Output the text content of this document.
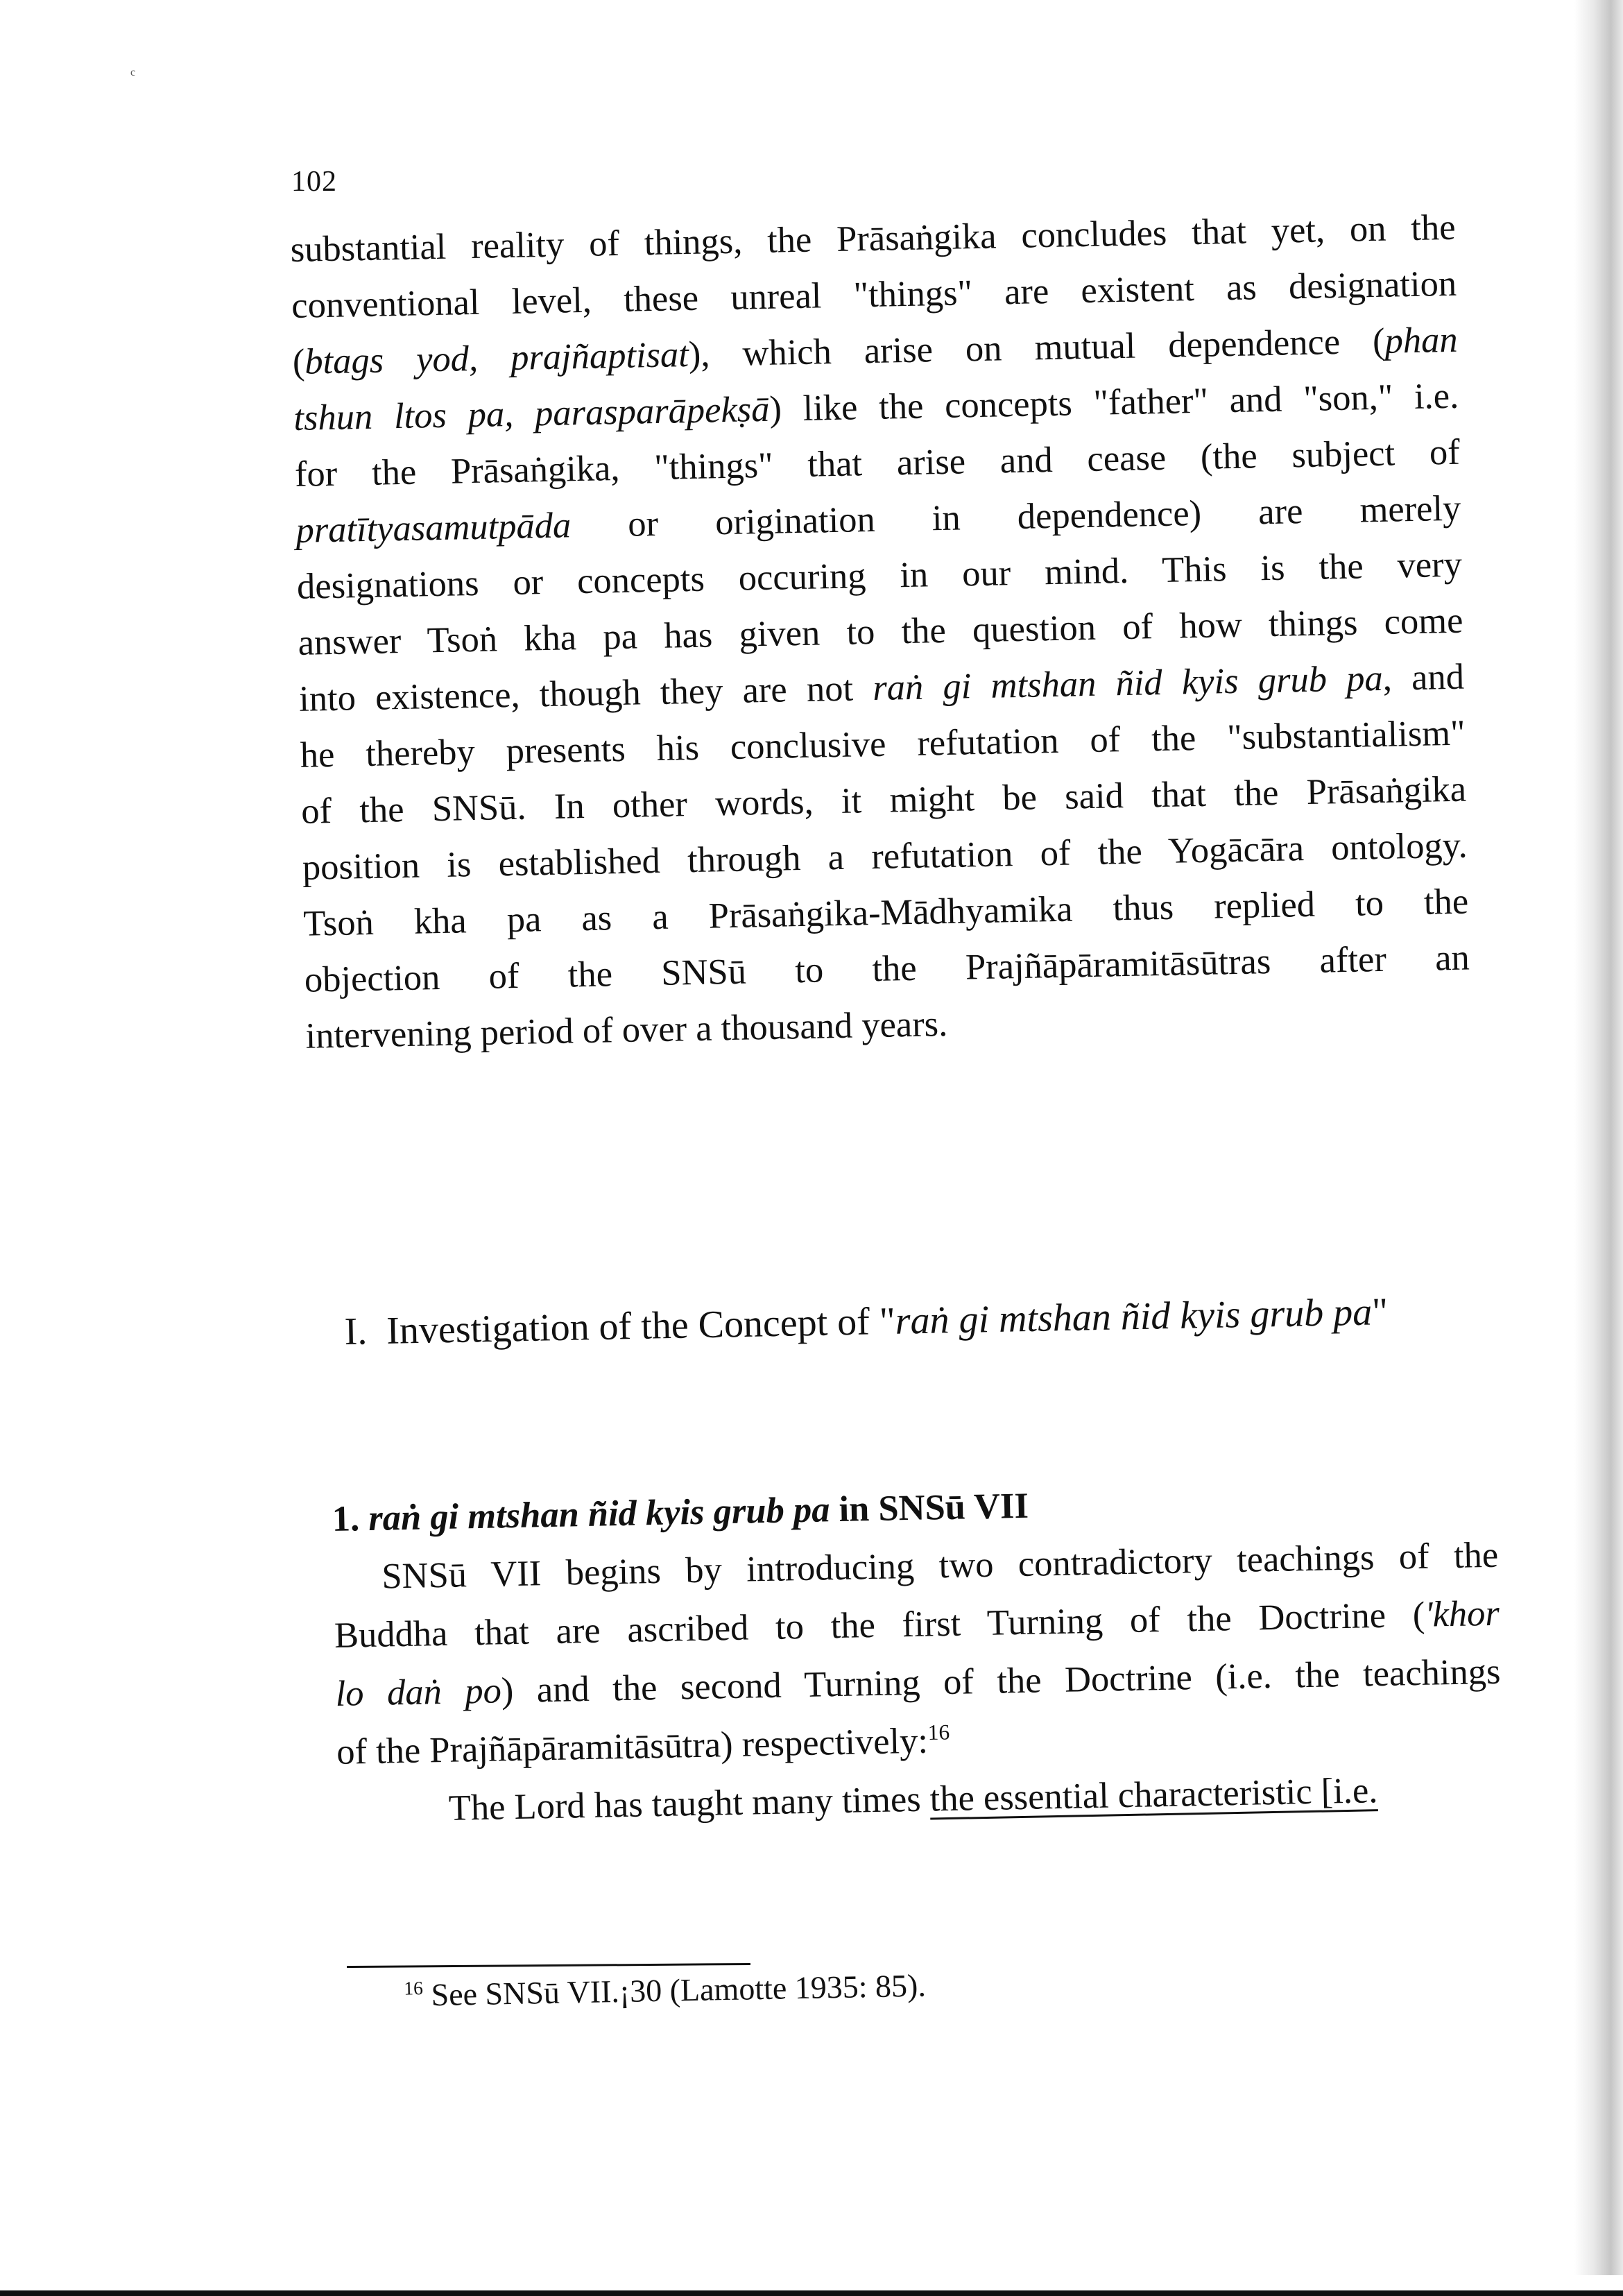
c
102
substantial reality of things, the Prāsaṅgika concludes that yet, on the
conventional level, these unreal "things" are existent as designation
(btags yod, prajñaptisat), which arise on mutual dependence (phan
tshun ltos pa, parasparāpekṣā) like the concepts "father" and "son," i.e.
for the Prāsaṅgika, "things" that arise and cease (the subject of
pratītyasamutpāda or origination in dependence) are merely
designations or concepts occuring in our mind. This is the very
answer Tsoṅ kha pa has given to the question of how things come
into existence, though they are not raṅ gi mtshan ñid kyis grub pa, and
he thereby presents his conclusive refutation of the "substantialism"
of the SNSū. In other words, it might be said that the Prāsaṅgika
position is established through a refutation of the Yogācāra ontology.
Tsoṅ kha pa as a Prāsaṅgika-Mādhyamika thus replied to the
objection of the SNSū to the Prajñāpāramitāsūtras after an
intervening period of over a thousand years.
I. Investigation of the Concept of "raṅ gi mtshan ñid kyis grub pa"
1. raṅ gi mtshan ñid kyis grub pa in SNSū VII
SNSū VII begins by introducing two contradictory teachings of the
Buddha that are ascribed to the first Turning of the Doctrine ('khor
lo daṅ po) and the second Turning of the Doctrine (i.e. the teachings
of the Prajñāpāramitāsūtra) respectively:$^{16}$
The Lord has taught many times the essential characteristic [i.e.
$^{16}$ See SNSū VII.¡30 (Lamotte 1935: 85).
